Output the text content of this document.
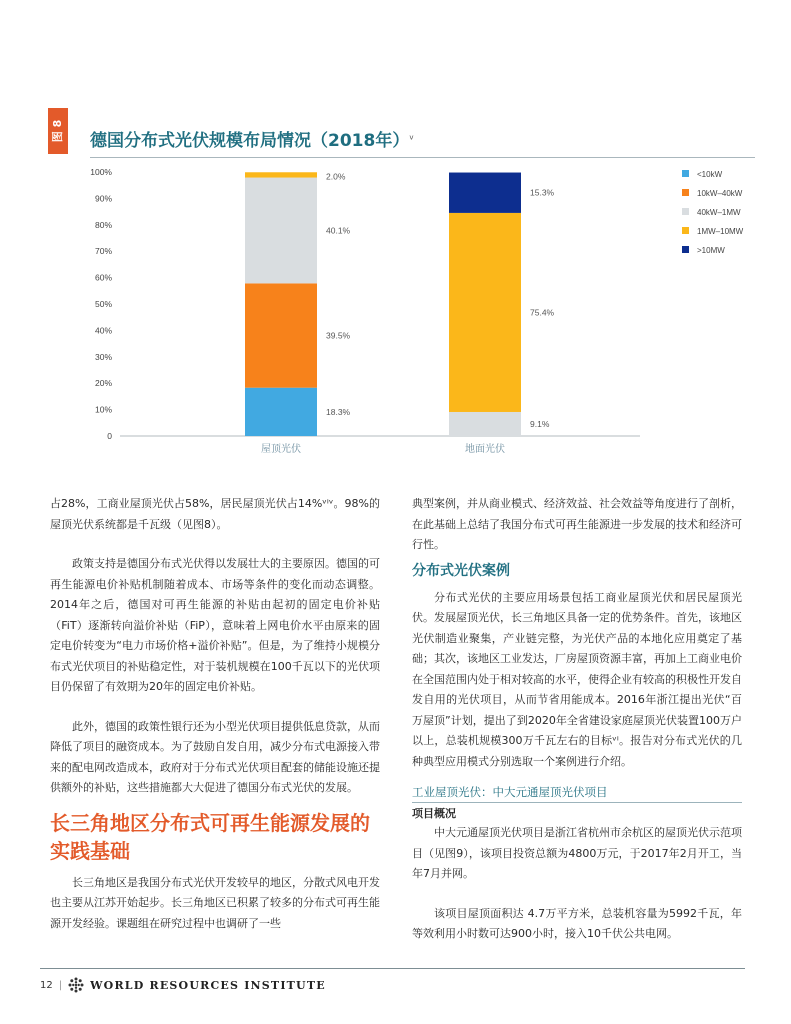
图 8 德国分布式光伏规模布局情况（2018年）$^v$
0
10%
20%
30%
40%
50%
60%
70%
80%
90%
100%
18.3%
39.5%
40.1%
2.0%
屋顶光伏
9.1%
75.4%
15.3%
地面光伏
<10kW
10kW–40kW
40kW–1MW
1MW–10MW
>10MW

占28%，工商业屋顶光伏占58%，居民屋顶光伏占14%ᵛⁱᵛ。98%的屋顶光伏系统都是千瓦级（见图8）。

政策支持是德国分布式光伏得以发展壮大的主要原因。德国的可再生能源电价补贴机制随着成本、市场等条件的变化而动态调整。2014年之后，德国对可再生能源的补贴由起初的固定电价补贴（FiT）逐渐转向溢价补贴（FiP），意味着上网电价水平由原来的固定电价转变为“电力市场价格+溢价补贴”。但是，为了维持小规模分布式光伏项目的补贴稳定性，对于装机规模在100千瓦以下的光伏项目仍保留了有效期为20年的固定电价补贴。

此外，德国的政策性银行还为小型光伏项目提供低息贷款，从而降低了项目的融资成本。为了鼓励自发自用，减少分布式电源接入带来的配电网改造成本，政府对于分布式光伏项目配套的储能设施还提供额外的补贴，这些措施都大大促进了德国分布式光伏的发展。

长三角地区分布式可再生能源发展的实践基础

长三角地区是我国分布式光伏开发较早的地区，分散式风电开发也主要从江苏开始起步。长三角地区已积累了较多的分布式可再生能源开发经验。课题组在研究过程中也调研了一些

典型案例，并从商业模式、经济效益、社会效益等角度进行了剖析，在此基础上总结了我国分布式可再生能源进一步发展的技术和经济可行性。

分布式光伏案例

分布式光伏的主要应用场景包括工商业屋顶光伏和居民屋顶光伏。发展屋顶光伏，长三角地区具备一定的优势条件。首先，该地区光伏制造业聚集，产业链完整，为光伏产品的本地化应用奠定了基础；其次，该地区工业发达，厂房屋顶资源丰富，再加上工商业电价在全国范围内处于相对较高的水平，使得企业有较高的积极性开发自发自用的光伏项目，从而节省用能成本。2016年浙江提出光伏“百万屋顶”计划，提出了到2020年全省建设家庭屋顶光伏装置100万户以上，总装机规模300万千瓦左右的目标ᵛⁱ。报告对分布式光伏的几种典型应用模式分别选取一个案例进行介绍。

工业屋顶光伏：中大元通屋顶光伏项目
项目概况

中大元通屋顶光伏项目是浙江省杭州市余杭区的屋顶光伏示范项目（见图9），该项目投资总额为4800万元，于2017年2月开工，当年7月并网。

该项目屋顶面积达 4.7万平方米，总装机容量为5992千瓦，年等效利用小时数可达900小时，接入10千伏公共电网。

12 |	WORLD RESOURCES INSTITUTE
